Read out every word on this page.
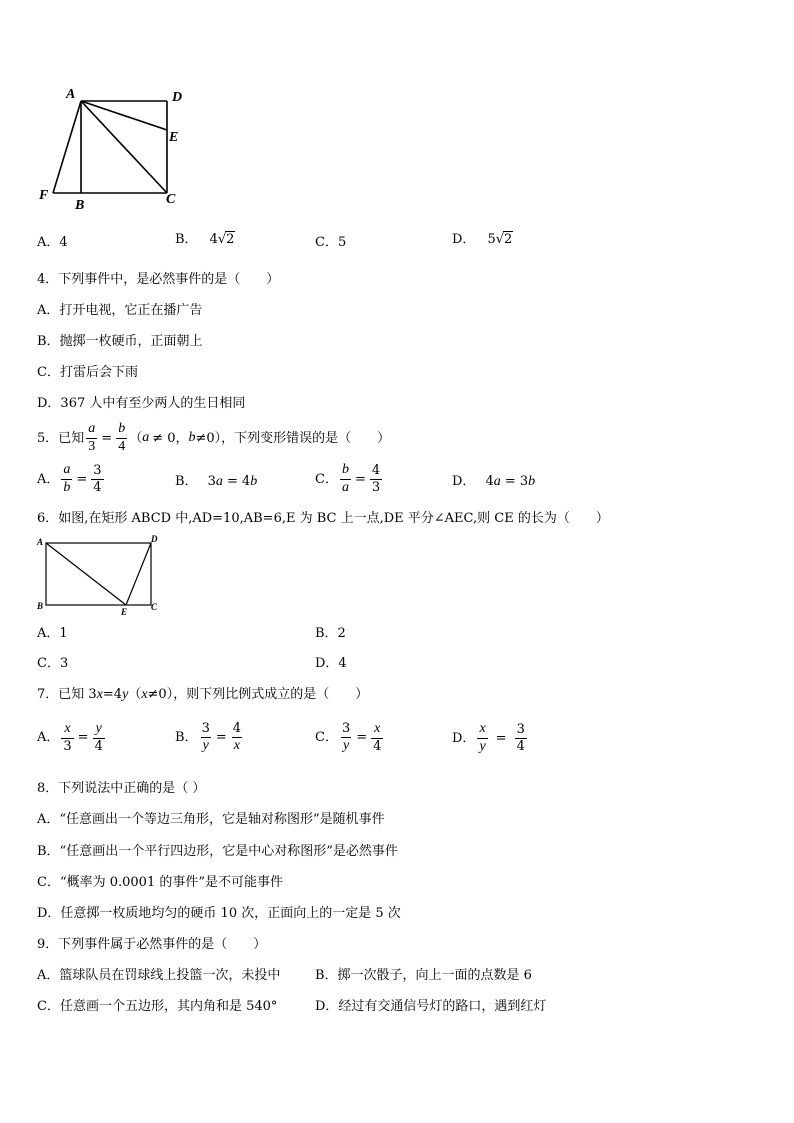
A	D
E
F
B	C
A．4	B． 4√2	C．5	D． 5√2
4．下列事件中，是必然事件的是（　　）
A．打开电视，它正在播广告
B．抛掷一枚硬币，正面朝上
C．打雷后会下雨
D．367 人中有至少两人的生日相同
5．已知 $\frac{a}{3} = \frac{b}{4}$ （ a ≠ 0， b ≠0），下列变形错误的是（　　）
A． $\frac{a}{b} = \frac{3}{4}$	B． 3a = 4b	C． $\frac{b}{a} = \frac{4}{3}$	D． 4a = 3b
6．如图,在矩形 ABCD 中,AD=10,AB=6,E 为 BC 上一点,DE 平分∠AEC,则 CE 的长为（　　）
A	D
B
E	C
A．1	B．2
C．3	D．4
7．已知 3x=4y（x≠0），则下列比例式成立的是（　　）
A． $\frac{x}{3} = \frac{y}{4}$	B． $\frac{3}{y} = \frac{4}{x}$	C． $\frac{3}{y} = \frac{x}{4}$	D． $\frac{x}{y} = \frac{3}{4}$
8．下列说法中正确的是（ ）
A．“任意画出一个等边三角形，它是轴对称图形”是随机事件
B．“任意画出一个平行四边形，它是中心对称图形”是必然事件
C．“概率为 0.0001 的事件”是不可能事件
D．任意掷一枚质地均匀的硬币 10 次，正面向上的一定是 5 次
9．下列事件属于必然事件的是（　　）
A．篮球队员在罚球线上投篮一次，未投中	B．掷一次骰子，向上一面的点数是 6
C．任意画一个五边形，其内角和是 540°	D．经过有交通信号灯的路口，遇到红灯
